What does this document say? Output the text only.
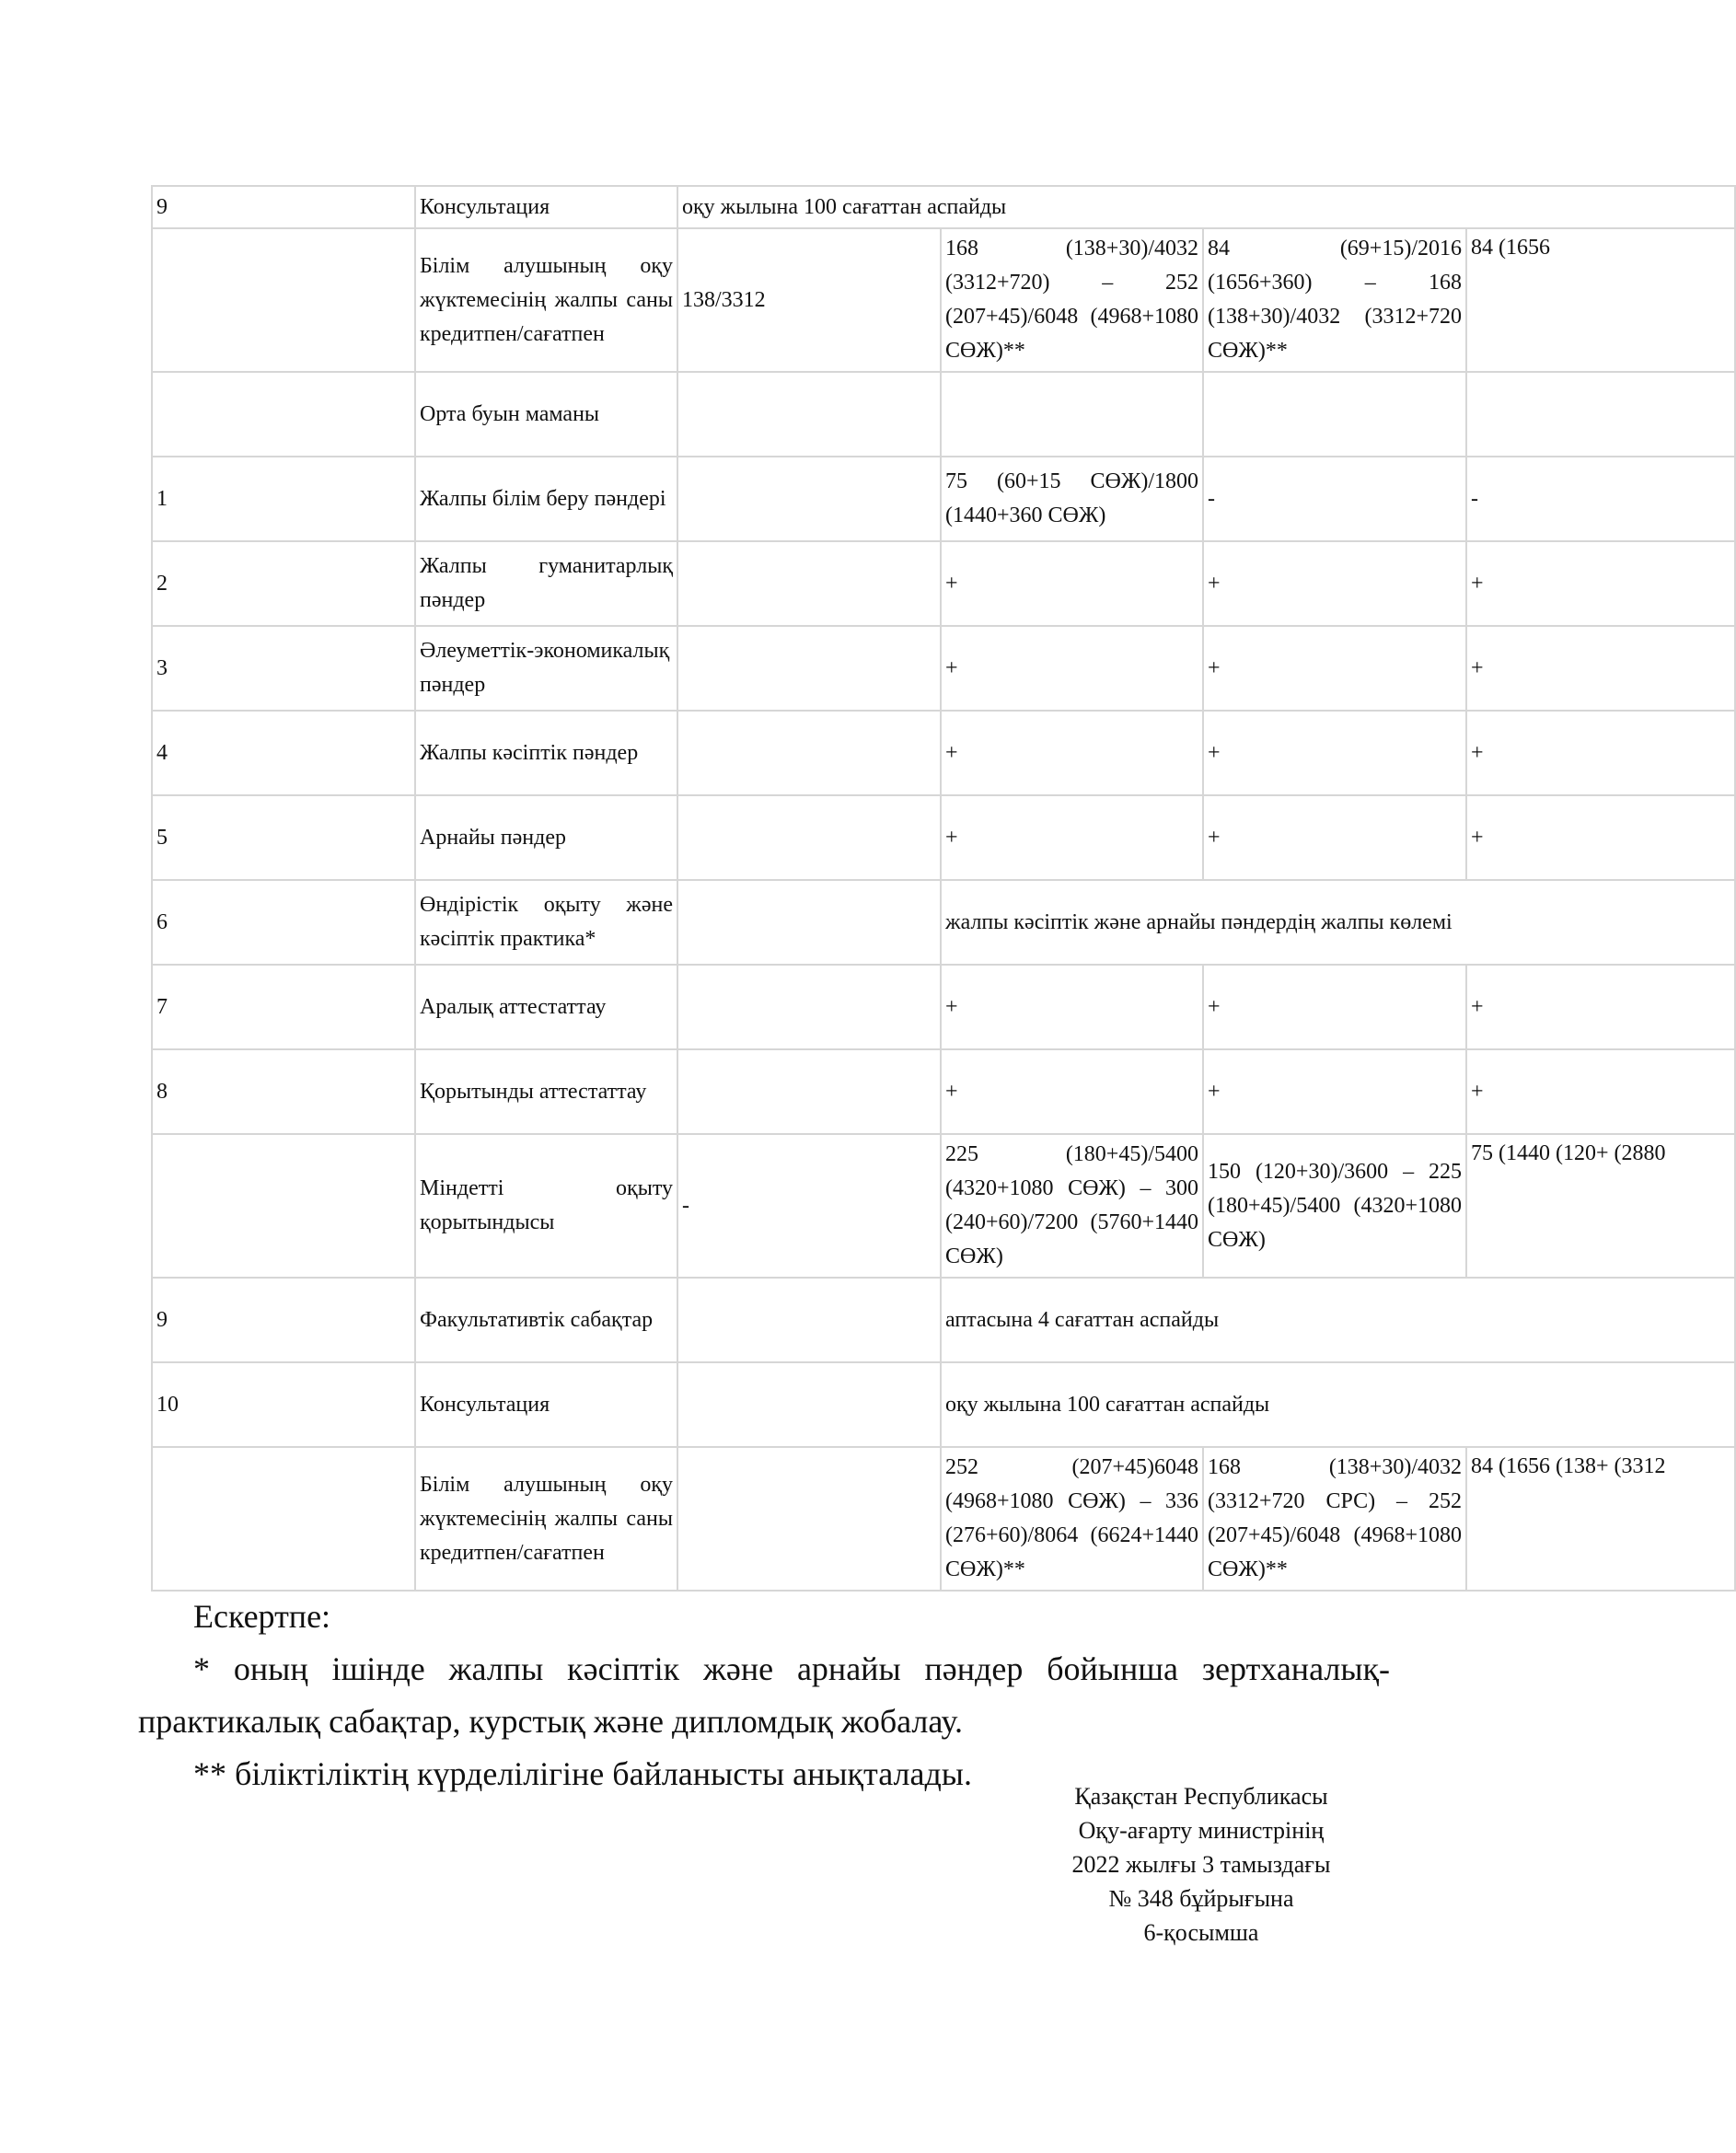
9	Консультация	оқу жылына 100 сағаттан аспайды			
	Білім алушының оқу жүктемесінің жалпы саны кредитпен/сағатпен	138/3312	168 (138+30)/4032 (3312+720) – 252 (207+45)/6048 (4968+1080 СӨЖ)**	84 (69+15)/2016 (1656+360) – 168 (138+30)/4032 (3312+720 СӨЖ)**	84 (1656
	Орта буын маманы				
1	Жалпы білім беру пәндері		75 (60+15 СӨЖ)/1800 (1440+360 СӨЖ)	-	-
2	Жалпы гуманитарлық пәндер		+	+	+
3	Әлеуметтік-экономикалық пәндер		+	+	+
4	Жалпы кәсіптік пәндер		+	+	+
5	Арнайы пәндер		+	+	+
6	Өндірістік оқыту және кәсіптік практика*		жалпы кәсіптік және арнайы пәндердің жалпы көлемі		
7	Аралық аттестаттау		+	+	+
8	Қорытынды аттестаттау		+	+	+
	Міндетті оқыту қорытындысы	-	225 (180+45)/5400 (4320+1080 СӨЖ) – 300 (240+60)/7200 (5760+1440 СӨЖ)	150 (120+30)/3600 – 225 (180+45)/5400 (4320+1080 СӨЖ)	75 (1440 (120+ (2880
9	Факультативтік сабақтар		аптасына 4 сағаттан аспайды		
10	Консультация		оқу жылына 100 сағаттан аспайды		
	Білім алушының оқу жүктемесінің жалпы саны кредитпен/сағатпен		252 (207+45)6048 (4968+1080 СӨЖ) – 336 (276+60)/8064 (6624+1440 СӨЖ)**	168 (138+30)/4032 (3312+720 СРС) – 252 (207+45)/6048 (4968+1080 СӨЖ)**	84 (1656 (138+ (3312

Ескертпе:

* оның ішінде жалпы кәсіптік және арнайы пәндер бойынша зертханалық-практикалық сабақтар, курстық және дипломдық жобалау.

** біліктіліктің күрделілігіне байланысты анықталады.

Қазақстан Республикасы
Оқу-ағарту министрінің
2022 жылғы 3 тамыздағы
№ 348 бұйрығына
6-қосымша
